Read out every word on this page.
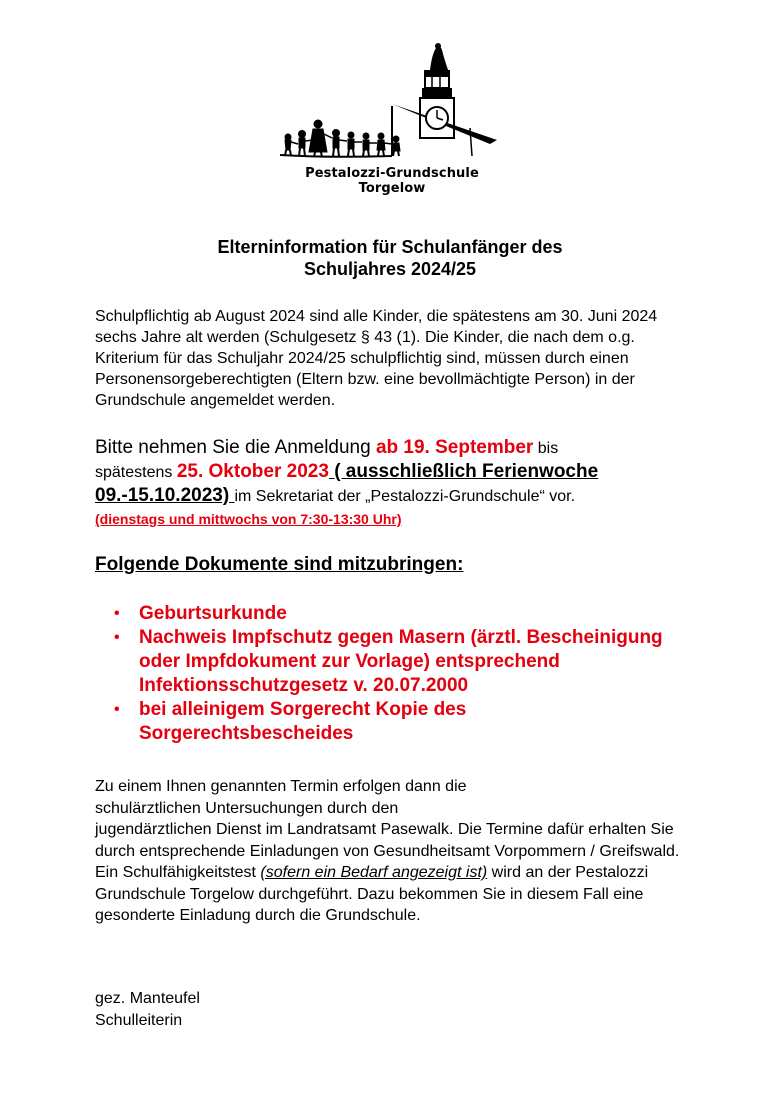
Pestalozzi-Grundschule Torgelow
Elterninformation für Schulanfänger des
Schuljahres 2024/25
Schulpflichtig ab August 2024 sind alle Kinder, die spätestens am 30. Juni 2024 sechs Jahre alt werden (Schulgesetz § 43 (1). Die Kinder, die nach dem o.g. Kriterium für das Schuljahr 2024/25 schulpflichtig sind, müssen durch einen Personensorgeberechtigten (Eltern bzw. eine bevollmächtigte Person) in der Grundschule angemeldet werden.
Bitte nehmen Sie die Anmeldung ab 19. September bis
spätestens 25. Oktober 2023 ( ausschließlich Ferienwoche 09.-15.10.2023) im Sekretariat der „Pestalozzi-Grundschule“ vor.
(dienstags und mittwochs von 7:30-13:30 Uhr)
Folgende Dokumente sind mitzubringen:
• Geburtsurkunde
• Nachweis Impfschutz gegen Masern (ärztl. Bescheinigung oder Impfdokument zur Vorlage) entsprechend Infektionsschutzgesetz v. 20.07.2000
• bei alleinigem Sorgerecht Kopie des Sorgerechtsbescheides
Zu einem Ihnen genannten Termin erfolgen dann die
schulärztlichen Untersuchungen durch den
jugendärztlichen Dienst im Landratsamt Pasewalk. Die Termine dafür erhalten Sie durch entsprechende Einladungen von Gesundheitsamt Vorpommern / Greifswald.
Ein Schulfähigkeitstest (sofern ein Bedarf angezeigt ist) wird an der Pestalozzi Grundschule Torgelow durchgeführt. Dazu bekommen Sie in diesem Fall eine gesonderte Einladung durch die Grundschule.
gez. Manteufel
Schulleiterin
